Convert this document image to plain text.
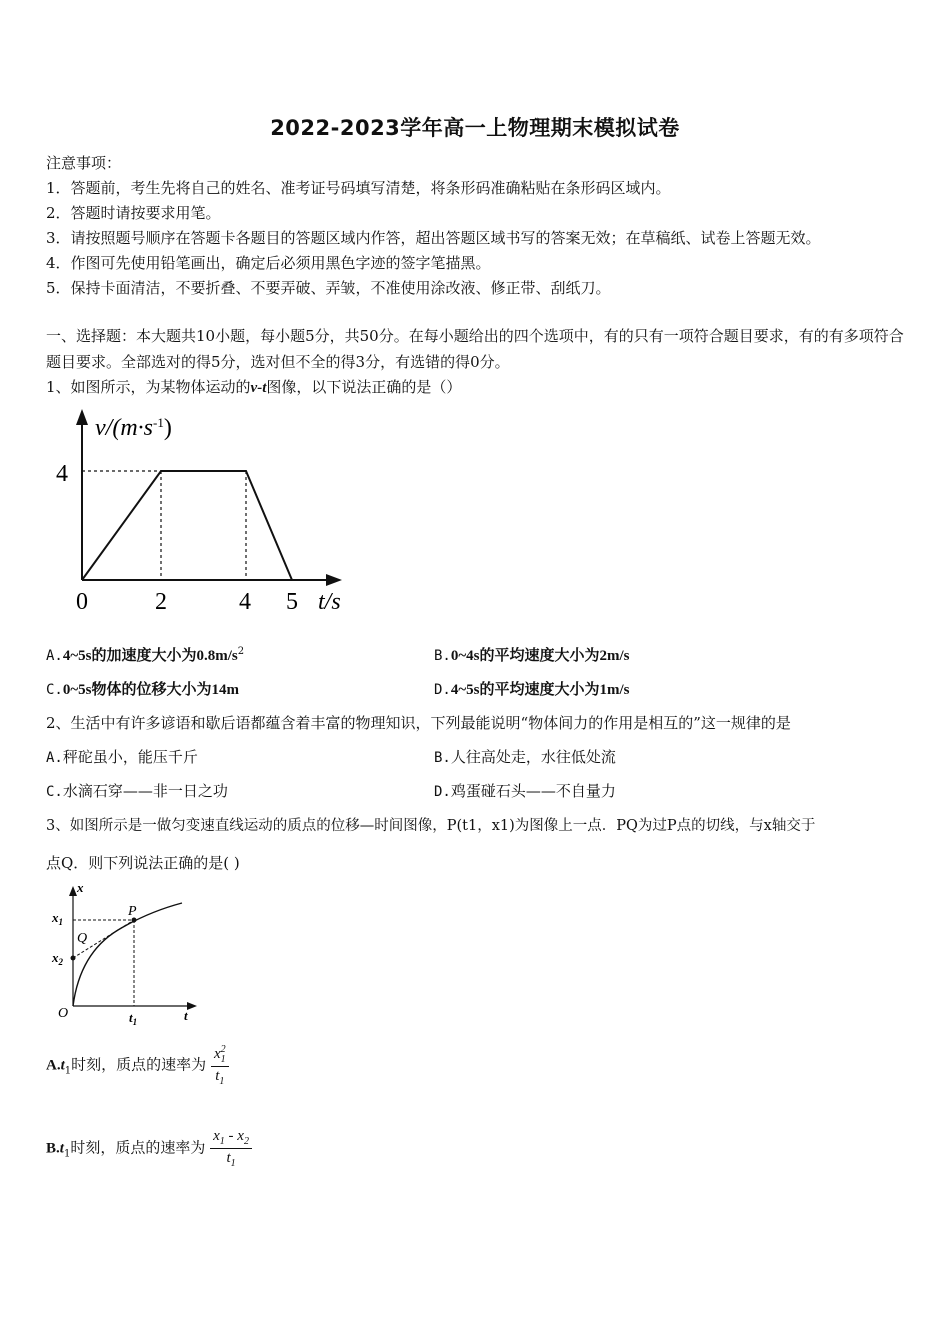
2022-2023学年高一上物理期末模拟试卷
注意事项：
1．答题前，考生先将自己的姓名、准考证号码填写清楚，将条形码准确粘贴在条形码区域内。
2．答题时请按要求用笔。
3．请按照题号顺序在答题卡各题目的答题区域内作答，超出答题区域书写的答案无效；在草稿纸、试卷上答题无效。
4．作图可先使用铅笔画出，确定后必须用黑色字迹的签字笔描黑。
5．保持卡面清洁，不要折叠、不要弄破、弄皱，不准使用涂改液、修正带、刮纸刀。
一、选择题：本大题共10小题，每小题5分，共50分。在每小题给出的四个选项中，有的只有一项符合题目要求，有的有多项符合题目要求。全部选对的得5分，选对但不全的得3分，有选错的得0分。
1、如图所示，为某物体运动的v-t图像，以下说法正确的是（）
$v/(m\cdot s^{-1})$
4
0	2	4 5 t/s
A.4~5s的加速度大小为$0.8m/s^2$	B.0~4s的平均速度大小为2m/s
C.0~5s物体的位移大小为14m	D.4~5s的平均速度大小为1m/s
2、生活中有许多谚语和歇后语都蕴含着丰富的物理知识，下列最能说明“物体间力的作用是相互的”这一规律的是
A.秤砣虽小，能压千斤	B.人往高处走，水往低处流
C.水滴石穿——非一日之功	D.鸡蛋碰石头——不自量力
3、如图所示是一做匀变速直线运动的质点的位移—时间图像，P(t1，x1)为图像上一点．PQ为过P点的切线，与x轴交于
点Q．则下列说法正确的是( )
x
$x_1$
$x_2$
Q
P
O	$t_1$	t
$A.t_1$时刻，质点的速率为 $\frac{x_1^2}{t_1}$
$B.t_1$时刻，质点的速率为 $\frac{x_1 - x_2}{t_1}$
